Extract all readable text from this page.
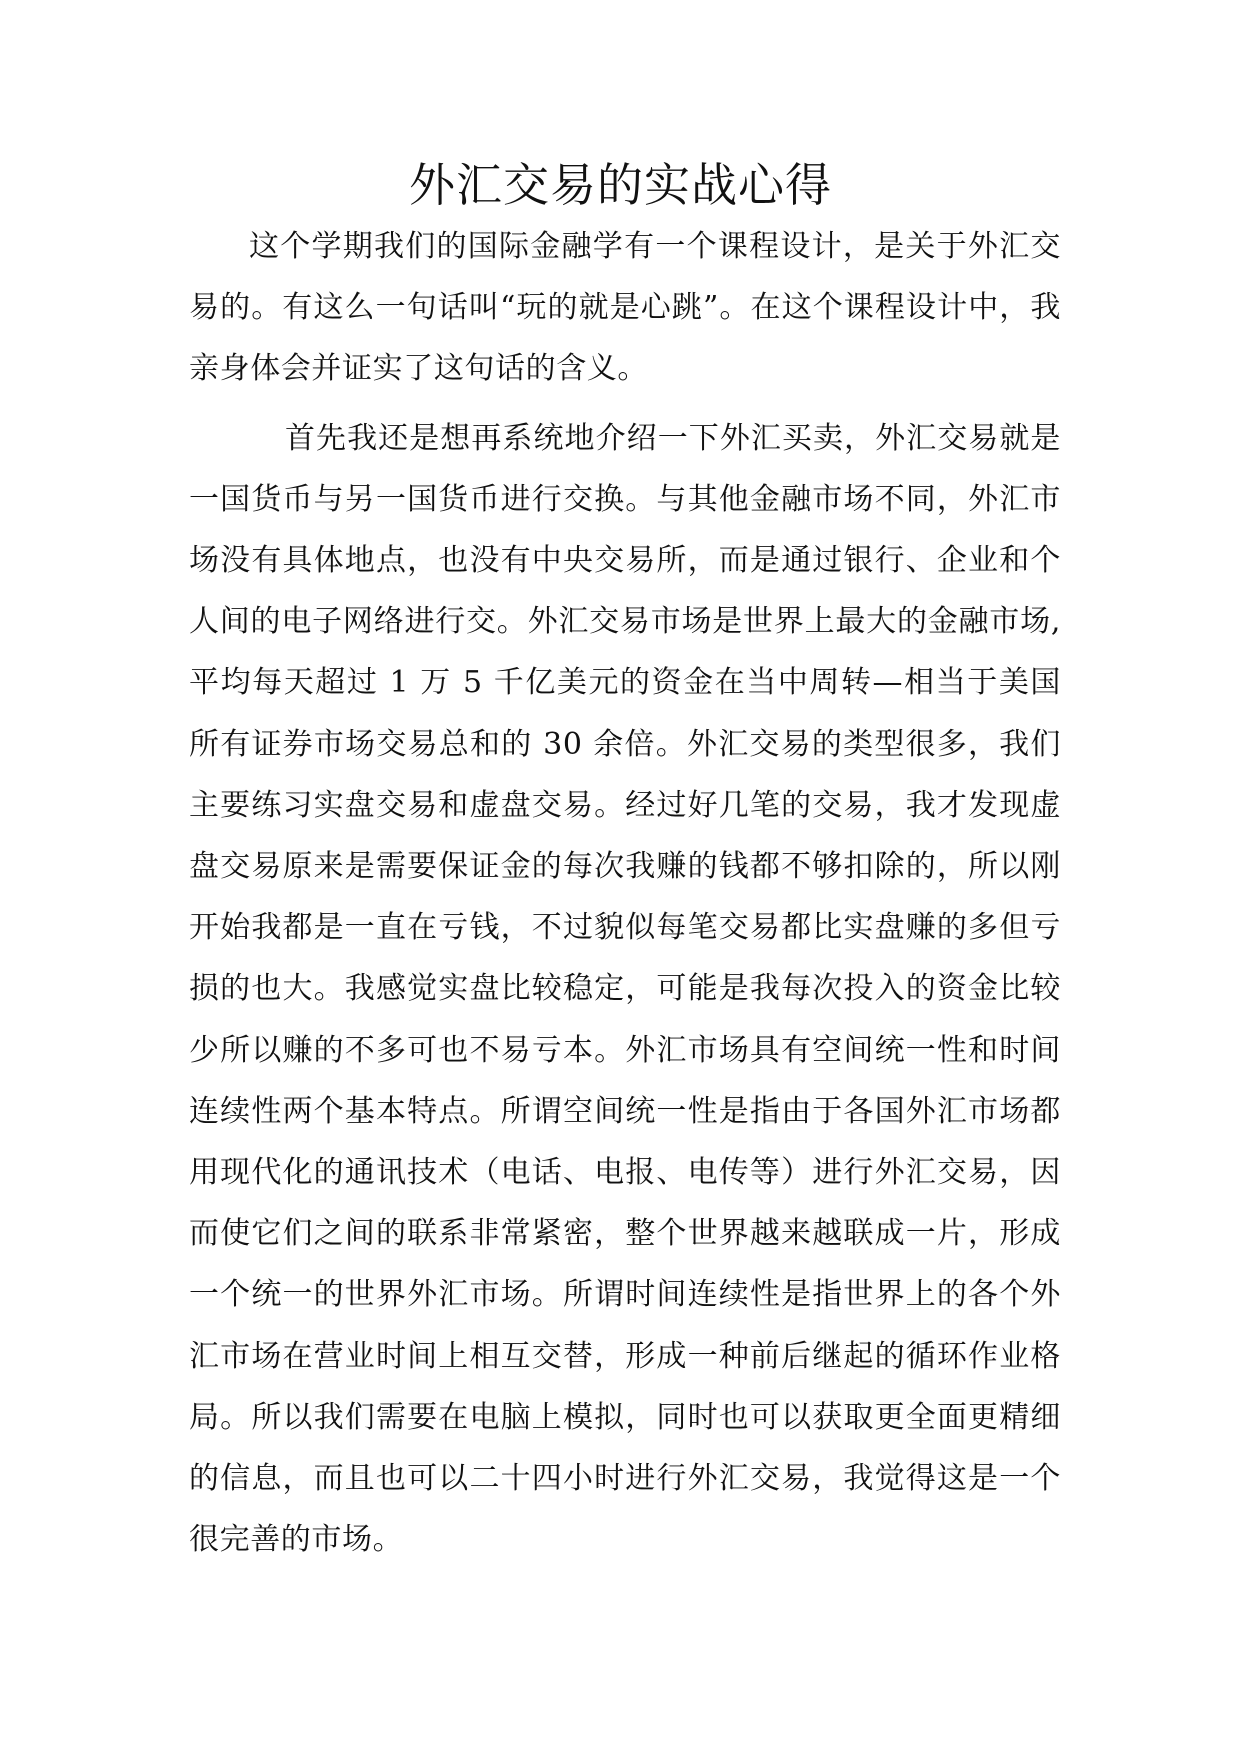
外汇交易的实战心得

这个学期我们的国际金融学有一个课程设计，是关于外汇交易的。有这么一句话叫“玩的就是心跳”。在这个课程设计中，我亲身体会并证实了这句话的含义。

首先我还是想再系统地介绍一下外汇买卖，外汇交易就是一国货币与另一国货币进行交换。与其他金融市场不同，外汇市场没有具体地点，也没有中央交易所，而是通过银行、企业和个人间的电子网络进行交。外汇交易市场是世界上最大的金融市场,平均每天超过 1 万 5 千亿美元的资金在当中周转—相当于美国所有证券市场交易总和的 30 余倍。外汇交易的类型很多，我们主要练习实盘交易和虚盘交易。经过好几笔的交易，我才发现虚盘交易原来是需要保证金的每次我赚的钱都不够扣除的，所以刚开始我都是一直在亏钱，不过貌似每笔交易都比实盘赚的多但亏损的也大。我感觉实盘比较稳定，可能是我每次投入的资金比较少所以赚的不多可也不易亏本。外汇市场具有空间统一性和时间连续性两个基本特点。所谓空间统一性是指由于各国外汇市场都用现代化的通讯技术（电话、电报、电传等）进行外汇交易，因而使它们之间的联系非常紧密，整个世界越来越联成一片，形成一个统一的世界外汇市场。所谓时间连续性是指世界上的各个外汇市场在营业时间上相互交替，形成一种前后继起的循环作业格局。所以我们需要在电脑上模拟，同时也可以获取更全面更精细的信息，而且也可以二十四小时进行外汇交易，我觉得这是一个很完善的市场。
